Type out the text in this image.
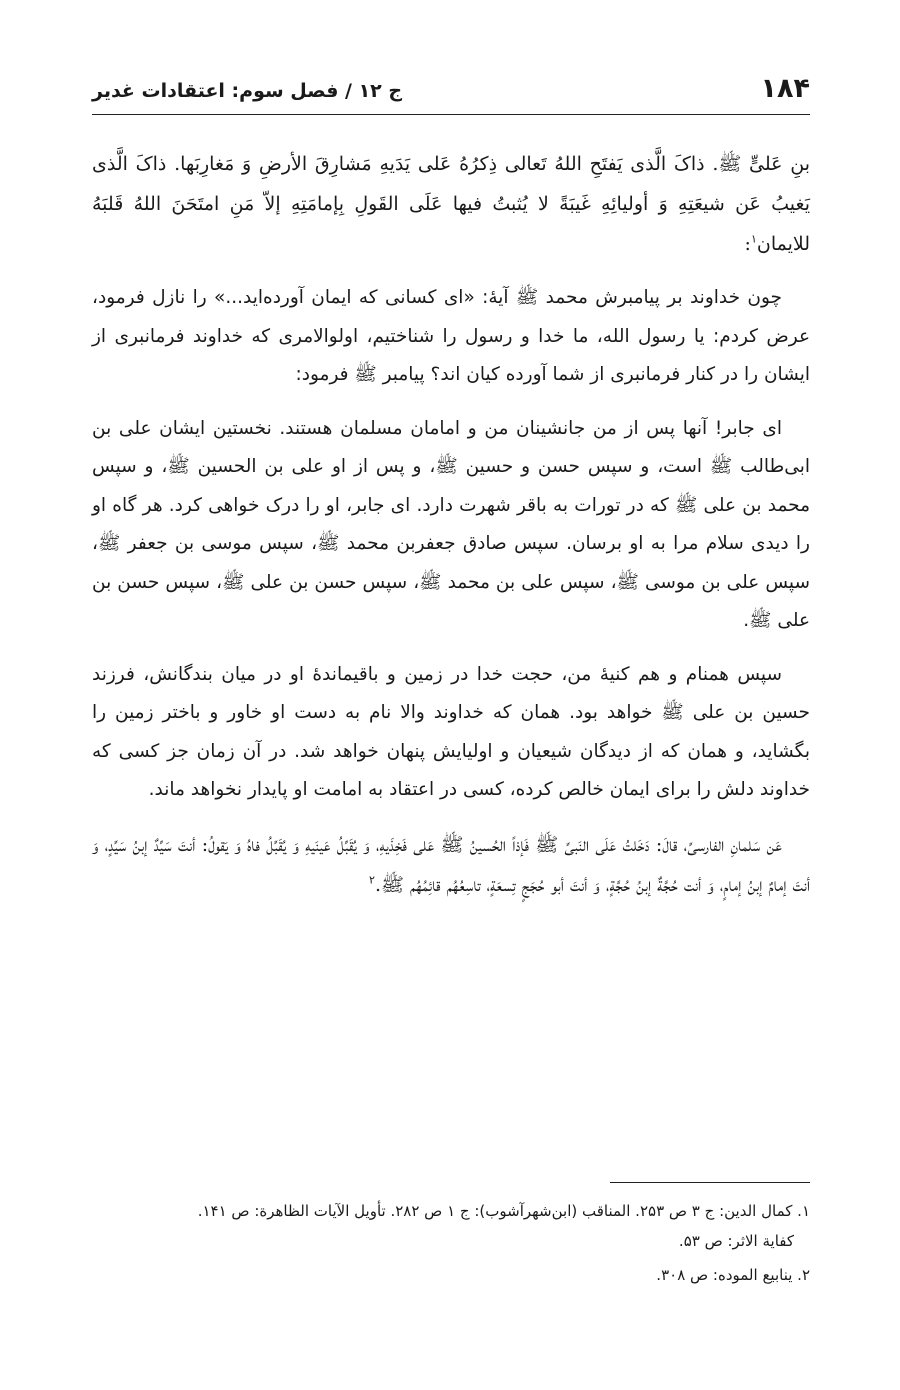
۱۸۴
ج ۱۲ / فصل سوم: اعتقادات غدیر

بنِ عَلیٍّ ﷺ. ذاکَ الَّذی یَفتَحِ اللهُ تَعالی ذِکرُهُ عَلی یَدَیهِ مَشارِقَ الأرضِ وَ مَغارِبَها. ذاکَ الَّذی یَغیبُ عَن شیعَتِهِ وَ أولیائِهِ غَیبَةً لا یُثبتُ فیها عَلَی القَولِ بِإمامَتِهِ إلاّ مَنِ امتَحَنَ اللهُ قَلبَهُ للایمان$^۱$:

چون خداوند بر پیامبرش محمد ﷺ آیهٔ: «ای کسانی که ایمان آورده‌اید...» را نازل فرمود، عرض کردم: یا رسول الله، ما خدا و رسول را شناختیم، اولوالامری که خداوند فرمانبری از ایشان را در کنار فرمانبری از شما آورده کیان اند؟ پیامبر ﷺ فرمود:

ای جابر! آنها پس از من جانشینان من و امامان مسلمان هستند. نخستین ایشان علی بن ابی‌طالب ﷺ است، و سپس حسن و حسین ﷺ، و پس از او علی بن الحسین ﷺ، و سپس محمد بن علی ﷺ که در تورات به باقر شهرت دارد. ای جابر، او را درک خواهی کرد. هر گاه او را دیدی سلام مرا به او برسان. سپس صادق جعفربن محمد ﷺ، سپس موسی بن جعفر ﷺ، سپس علی بن موسی ﷺ، سپس علی بن محمد ﷺ، سپس حسن بن علی ﷺ، سپس حسن بن علی ﷺ.

سپس همنام و هم کنیهٔ من، حجت خدا در زمین و باقیماندهٔ او در میان بندگانش، فرزند حسین بن علی ﷺ خواهد بود. همان که خداوند والا نام به دست او خاور و باختر زمین را بگشاید، و همان که از دیدگان شیعیان و اولیایش پنهان خواهد شد. در آن زمان جز کسی که خداوند دلش را برای ایمان خالص کرده، کسی در اعتقاد به امامت او پایدار نخواهد ماند.

عَن سَلمانِ الفارسیِّ، قالَ: دَخَلتُ عَلَی النَبیِّ ﷺ فَإذاً الحُسینُ ﷺ عَلی فَخِذَیهِ، وَ یُقَبِّلُ عَینَیهِ وَ یُقَبِّلُ فاهُ وَ یَقولُ: أنتَ سَیِّدٌ إبنُ سَیِّدٍ، وَ أنتَ إمامٌ إبنُ إمامٍ، وَ أنت حُجَّةٌ إبنُ حُجَّةٍ، وَ أنتَ أبو حُجَجٍ تِسعَةٍ، تاسِعُهُم قائِمُهُم ﷺ.$^۲$

۱. کمال الدین: ج ۳ ص ۲۵۳. المناقب (ابن‌شهرآشوب): ج ۱ ص ۲۸۲. تأویل الآیات الظاهرة: ص ۱۴۱.
کفایة الاثر: ص ۵۳.

۲. ینابیع الموده: ص ۳۰۸.
